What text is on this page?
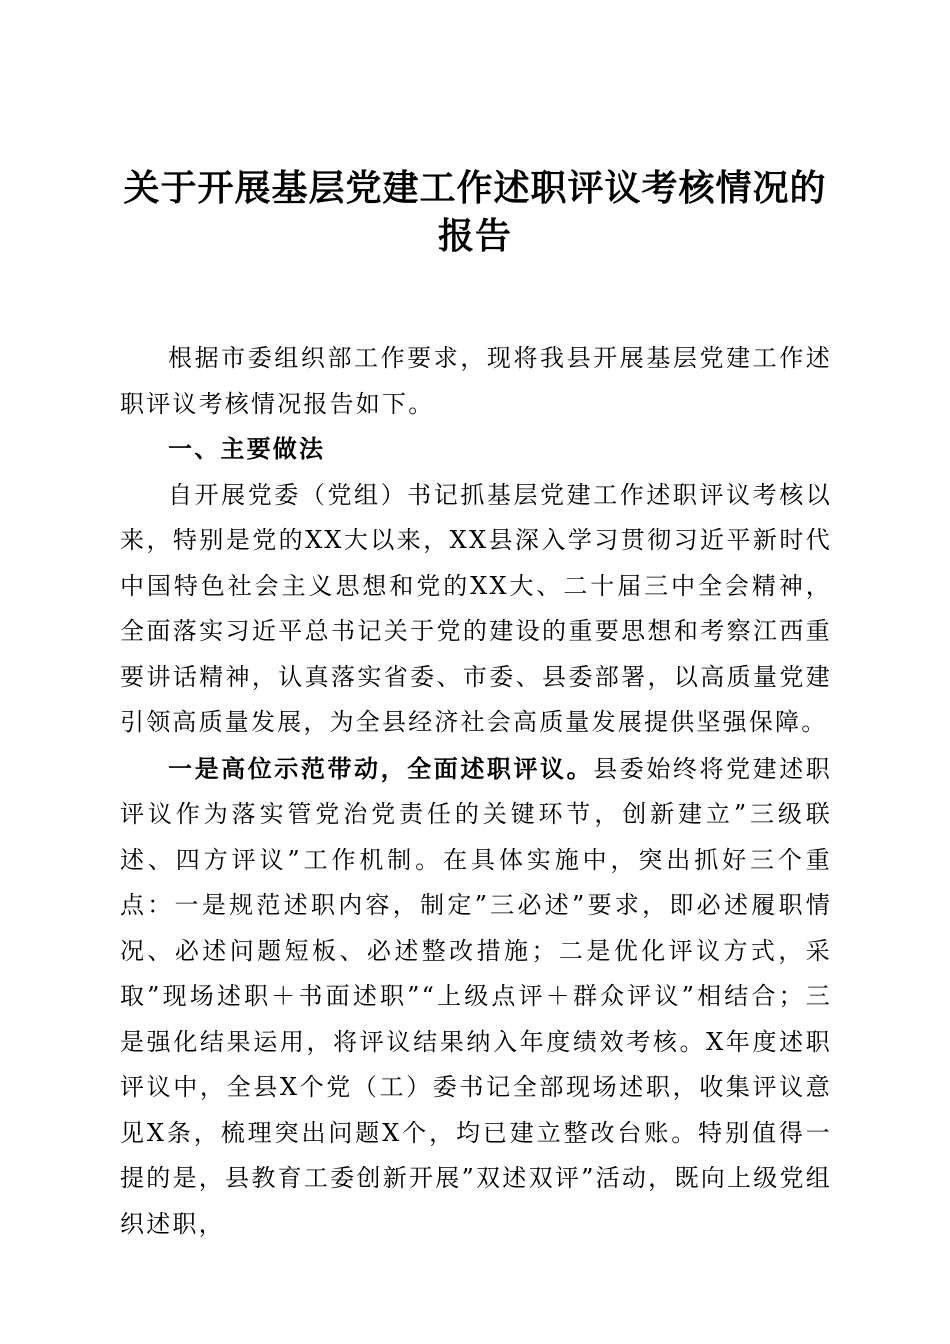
关于开展基层党建工作述职评议考核情况的报告

根据市委组织部工作要求，现将我县开展基层党建工作述职评议考核情况报告如下。

一、主要做法

自开展党委（党组）书记抓基层党建工作述职评议考核以来，特别是党的XX大以来，XX县深入学习贯彻习近平新时代中国特色社会主义思想和党的XX大、二十届三中全会精神，全面落实习近平总书记关于党的建设的重要思想和考察江西重要讲话精神，认真落实省委、市委、县委部署，以高质量党建引领高质量发展，为全县经济社会高质量发展提供坚强保障。

一是高位示范带动，全面述职评议。县委始终将党建述职评议作为落实管党治党责任的关键环节，创新建立”三级联述、四方评议”工作机制。在具体实施中，突出抓好三个重点：一是规范述职内容，制定”三必述”要求，即必述履职情况、必述问题短板、必述整改措施；二是优化评议方式，采取”现场述职＋书面述职”“上级点评＋群众评议”相结合；三是强化结果运用，将评议结果纳入年度绩效考核。X年度述职评议中，全县X个党（工）委书记全部现场述职，收集评议意见X条，梳理突出问题X个，均已建立整改台账。特别值得一提的是，县教育工委创新开展”双述双评”活动，既向上级党组织述职，
